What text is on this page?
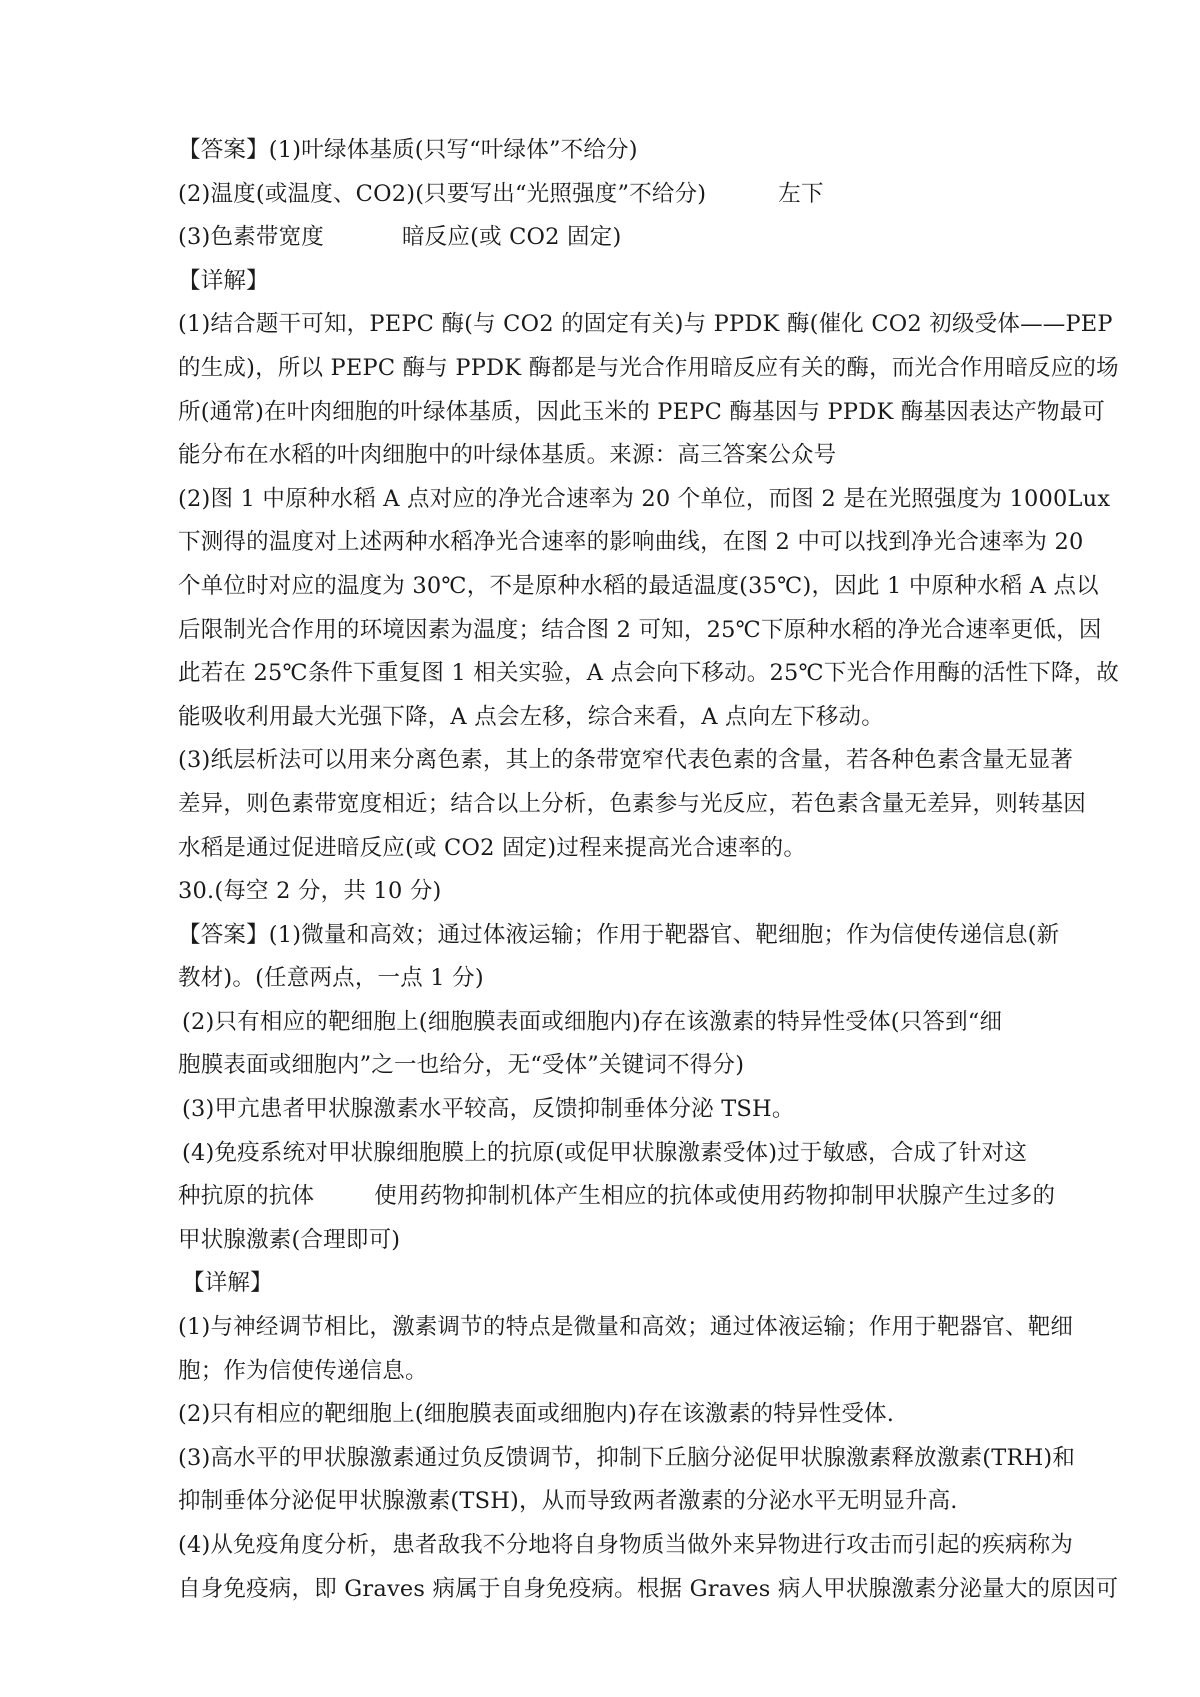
【答案】(1)叶绿体基质(只写“叶绿体”不给分)
(2)温度(或温度、CO2)(只要写出“光照强度”不给分)	左下
(3)色素带宽度	暗反应(或 CO2 固定)
【详解】
(1)结合题干可知，PEPC 酶(与 CO2 的固定有关)与 PPDK 酶(催化 CO2 初级受体——PEP
的生成)，所以 PEPC 酶与 PPDK 酶都是与光合作用暗反应有关的酶，而光合作用暗反应的场
所(通常)在叶肉细胞的叶绿体基质，因此玉米的 PEPC 酶基因与 PPDK 酶基因表达产物最可
能分布在水稻的叶肉细胞中的叶绿体基质。来源：高三答案公众号
(2)图 1 中原种水稻 A 点对应的净光合速率为 20 个单位，而图 2 是在光照强度为 1000Lux
下测得的温度对上述两种水稻净光合速率的影响曲线，在图 2 中可以找到净光合速率为 20
个单位时对应的温度为 30℃，不是原种水稻的最适温度(35℃)，因此 1 中原种水稻 A 点以
后限制光合作用的环境因素为温度；结合图 2 可知，25℃下原种水稻的净光合速率更低，因
此若在 25℃条件下重复图 1 相关实验，A 点会向下移动。25℃下光合作用酶的活性下降，故
能吸收利用最大光强下降，A 点会左移，综合来看，A 点向左下移动。
(3)纸层析法可以用来分离色素，其上的条带宽窄代表色素的含量，若各种色素含量无显著
差异，则色素带宽度相近；结合以上分析，色素参与光反应，若色素含量无差异，则转基因
水稻是通过促进暗反应(或 CO2 固定)过程来提高光合速率的。
30.(每空 2 分，共 10 分)
【答案】(1)微量和高效；通过体液运输；作用于靶器官、靶细胞；作为信使传递信息(新
教材)。(任意两点，一点 1 分)
(2)只有相应的靶细胞上(细胞膜表面或细胞内)存在该激素的特异性受体(只答到“细
胞膜表面或细胞内”之一也给分，无“受体”关键词不得分)
(3)甲亢患者甲状腺激素水平较高，反馈抑制垂体分泌 TSH。
(4)免疫系统对甲状腺细胞膜上的抗原(或促甲状腺激素受体)过于敏感，合成了针对这
种抗原的抗体	使用药物抑制机体产生相应的抗体或使用药物抑制甲状腺产生过多的
甲状腺激素(合理即可)
【详解】
(1)与神经调节相比，激素调节的特点是微量和高效；通过体液运输；作用于靶器官、靶细
胞；作为信使传递信息。
(2)只有相应的靶细胞上(细胞膜表面或细胞内)存在该激素的特异性受体.
(3)高水平的甲状腺激素通过负反馈调节，抑制下丘脑分泌促甲状腺激素释放激素(TRH)和
抑制垂体分泌促甲状腺激素(TSH)，从而导致两者激素的分泌水平无明显升高.
(4)从免疫角度分析，患者敌我不分地将自身物质当做外来异物进行攻击而引起的疾病称为
自身免疫病，即 Graves 病属于自身免疫病。根据 Graves 病人甲状腺激素分泌量大的原因可
